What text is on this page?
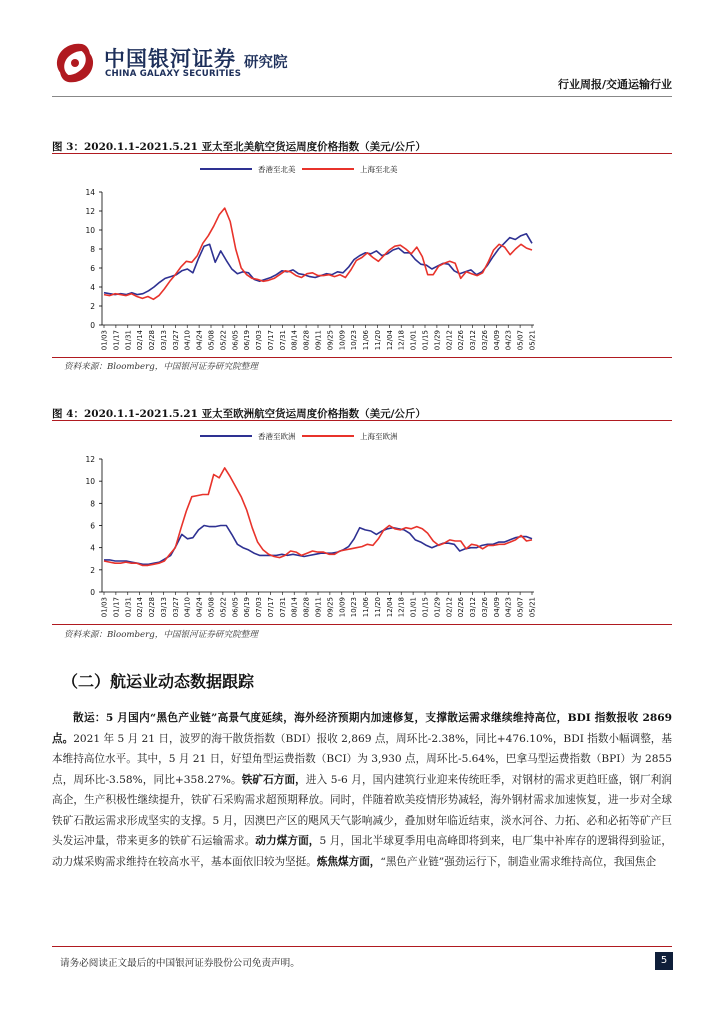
中国银河证券
CHINA GALAXY SECURITIES
研究院
行业周报/交通运输行业
图 3：2020.1.1-2021.5.21 亚太至北美航空货运周度价格指数（美元/公斤）
0
2
4
6
8
10
12
14
01/03 01/17 01/31 02/14 02/28 03/13 03/27 04/10 04/24 05/08 05/22 06/05 06/19 07/03 07/17 07/31 08/14 08/28 09/11 09/25 10/09 10/23 11/06 11/20 12/04 12/18 01/01 01/15 01/29 02/12 02/26 03/12 03/26 04/09 04/23 05/07 05/21
香港至北美	上海至北美
资料来源：Bloomberg，中国银河证券研究院整理
图 4：2020.1.1-2021.5.21 亚太至欧洲航空货运周度价格指数（美元/公斤）
0
2
4
6
8
10
12
01/03 01/17 01/31 02/14 02/28 03/13 03/27 04/10 04/24 05/08 05/22 06/05 06/19 07/03 07/17 07/31 08/14 08/28 09/11 09/25 10/09 10/23 11/06 11/20 12/04 12/18 01/01 01/15 01/29 02/12 02/26 03/12 03/26 04/09 04/23 05/07 05/21
香港至欧洲	上海至欧洲
资料来源：Bloomberg，中国银河证券研究院整理
（二）航运业动态数据跟踪
散运：5 月国内“黑色产业链”高景气度延续，海外经济预期内加速修复，支撑散运需求继续维持高位，BDI 指数报收 2869 点。2021 年 5 月 21 日，波罗的海干散货指数（BDI）报收 2,869 点，周环比-2.38%，同比+476.10%，BDI 指数小幅调整，基本维持高位水平。其中，5 月 21 日，好望角型运费指数（BCI）为 3,930 点，周环比-5.64%，巴拿马型运费指数（BPI）为 2855 点，周环比-3.58%，同比+358.27%。铁矿石方面，进入 5-6 月，国内建筑行业迎来传统旺季，对钢材的需求更趋旺盛，钢厂利润高企，生产积极性继续提升，铁矿石采购需求超预期释放。同时，伴随着欧美疫情形势减轻，海外钢材需求加速恢复，进一步对全球铁矿石散运需求形成坚实的支撑。5 月，因澳巴产区的飓风天气影响减少，叠加财年临近结束，淡水河谷、力拓、必和必拓等矿产巨头发运冲量，带来更多的铁矿石运输需求。动力煤方面，5 月，国北半球夏季用电高峰即将到来，电厂集中补库存的逻辑得到验证，动力煤采购需求维持在较高水平，基本面依旧较为坚挺。炼焦煤方面，“黑色产业链”强劲运行下，制造业需求维持高位，我国焦企
请务必阅读正文最后的中国银河证券股份公司免责声明。	5
